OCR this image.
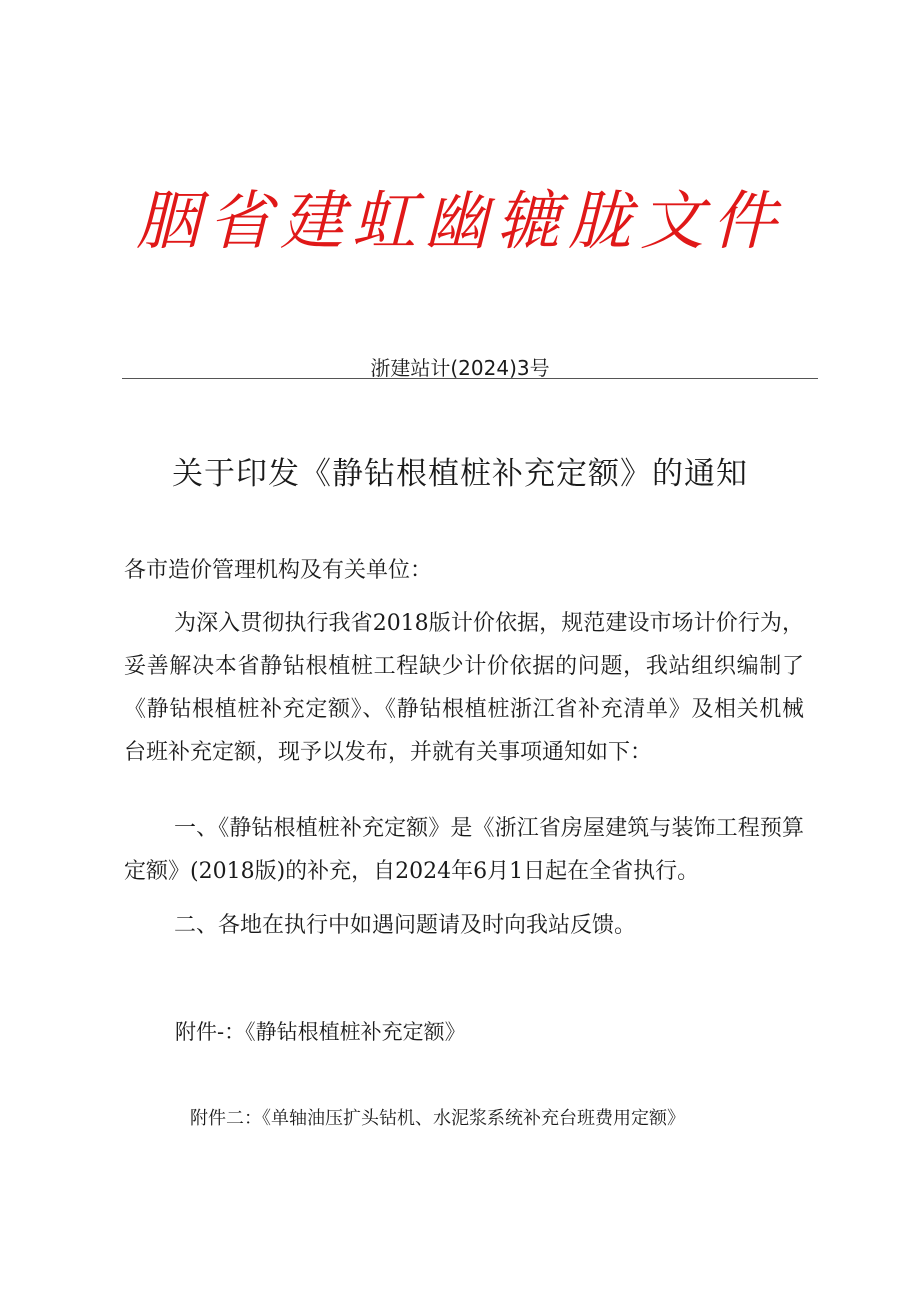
胭省建虹幽辘胧文件
浙建站计(2024)3号
关于印发《静钻根植桩补充定额》的通知
各市造价管理机构及有关单位：
为深入贯彻执行我省2018版计价依据，规范建设市场计价行为，妥善解决本省静钻根植桩工程缺少计价依据的问题，我站组织编制了《静钻根植桩补充定额》、《静钻根植桩浙江省补充清单》及相关机械台班补充定额，现予以发布，并就有关事项通知如下：
一、《静钻根植桩补充定额》是《浙江省房屋建筑与装饰工程预算定额》(2018版)的补充，自2024年6月1日起在全省执行。
二、各地在执行中如遇问题请及时向我站反馈。
附件-：《静钻根植桩补充定额》
附件二：《单轴油压扩头钻机、水泥浆系统补充台班费用定额》
